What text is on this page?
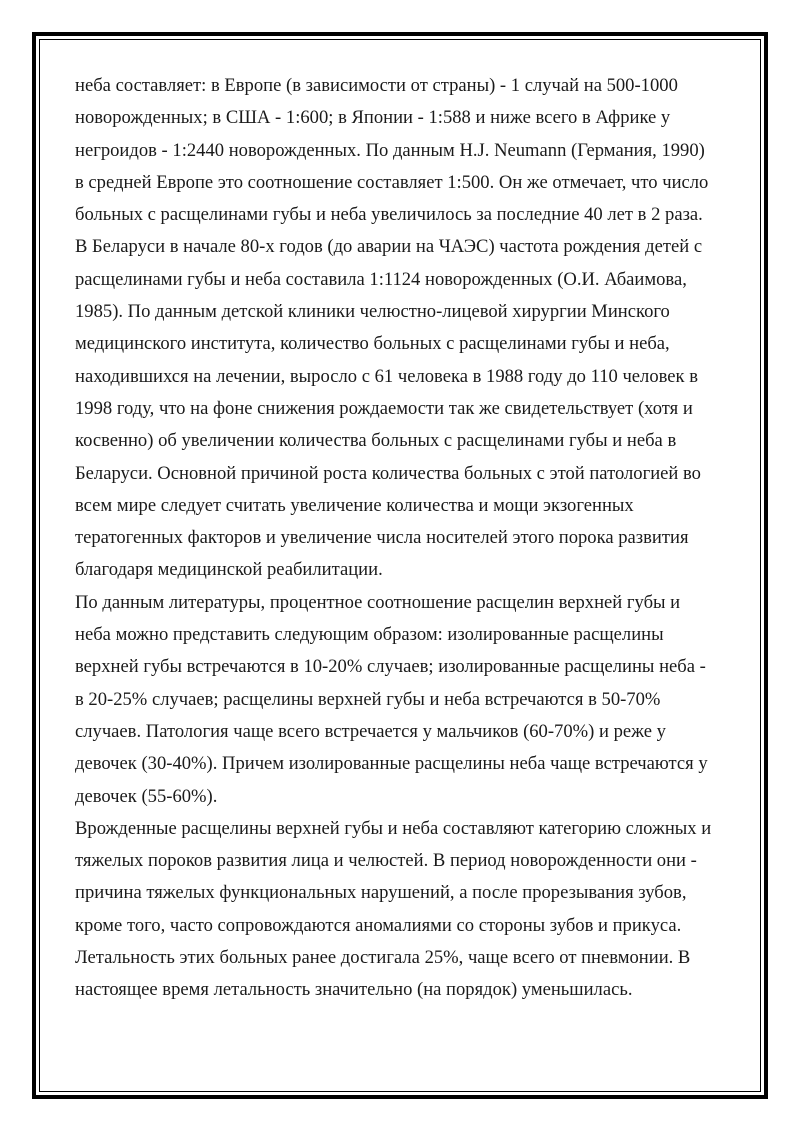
неба составляет: в Европе (в зависимости от страны) - 1 случай на 500-1000
новорожденных; в США - 1:600; в Японии - 1:588 и ниже всего в Африке у
негроидов - 1:2440 новорожденных. По данным H.J. Neumann (Германия, 1990)
в средней Европе это соотношение составляет 1:500. Он же отмечает, что число
больных с расщелинами губы и неба увеличилось за последние 40 лет в 2 раза.
В Беларуси в начале 80-х годов (до аварии на ЧАЭС) частота рождения детей с
расщелинами губы и неба составила 1:1124 новорожденных (О.И. Абаимова,
1985). По данным детской клиники челюстно-лицевой хирургии Минского
медицинского института, количество больных с расщелинами губы и неба,
находившихся на лечении, выросло с 61 человека в 1988 году до 110 человек в
1998 году, что на фоне снижения рождаемости так же свидетельствует (хотя и
косвенно) об увеличении количества больных с расщелинами губы и неба в
Беларуси. Основной причиной роста количества больных с этой патологией во
всем мире следует считать увеличение количества и мощи экзогенных
тератогенных факторов и увеличение числа носителей этого порока развития
благодаря медицинской реабилитации.

По данным литературы, процентное соотношение расщелин верхней губы и
неба можно представить следующим образом: изолированные расщелины
верхней губы встречаются в 10-20% случаев; изолированные расщелины неба -
в 20-25% случаев; расщелины верхней губы и неба встречаются в 50-70%
случаев. Патология чаще всего встречается у мальчиков (60-70%) и реже у
девочек (30-40%). Причем изолированные расщелины неба чаще встречаются у
девочек (55-60%).

Врожденные расщелины верхней губы и неба составляют категорию сложных и
тяжелых пороков развития лица и челюстей. В период новорожденности они -
причина тяжелых функциональных нарушений, а после прорезывания зубов,
кроме того, часто сопровождаются аномалиями со стороны зубов и прикуса.
Летальность этих больных ранее достигала 25%, чаще всего от пневмонии. В
настоящее время летальность значительно (на порядок) уменьшилась.
